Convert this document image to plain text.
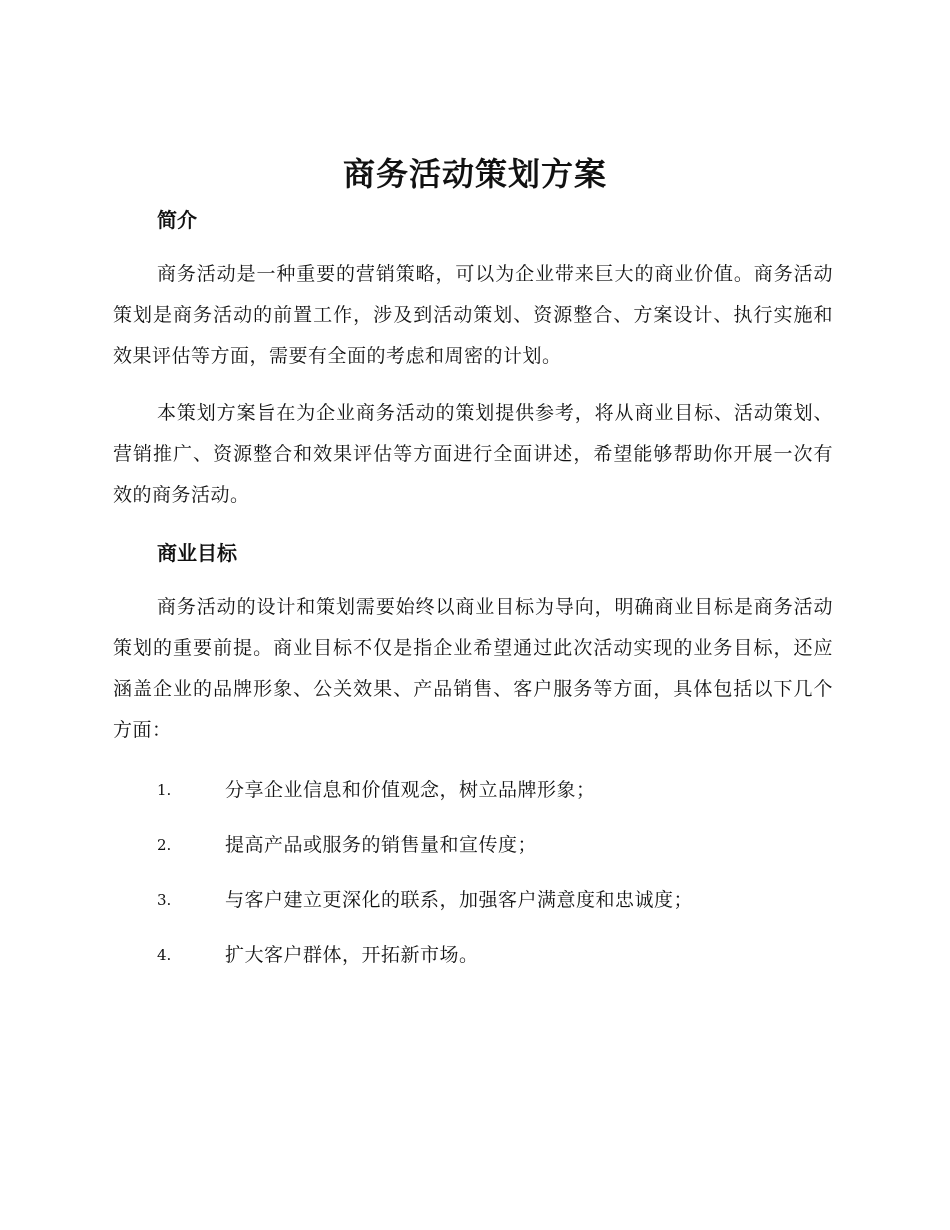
商务活动策划方案
简介

商务活动是一种重要的营销策略，可以为企业带来巨大的商业价值。商务活动策划是商务活动的前置工作，涉及到活动策划、资源整合、方案设计、执行实施和效果评估等方面，需要有全面的考虑和周密的计划。

本策划方案旨在为企业商务活动的策划提供参考，将从商业目标、活动策划、营销推广、资源整合和效果评估等方面进行全面讲述，希望能够帮助你开展一次有效的商务活动。

商业目标

商务活动的设计和策划需要始终以商业目标为导向，明确商业目标是商务活动策划的重要前提。商业目标不仅是指企业希望通过此次活动实现的业务目标，还应涵盖企业的品牌形象、公关效果、产品销售、客户服务等方面，具体包括以下几个方面：

1.	分享企业信息和价值观念，树立品牌形象；
2.	提高产品或服务的销售量和宣传度；
3.	与客户建立更深化的联系，加强客户满意度和忠诚度；
4.	扩大客户群体，开拓新市场。
